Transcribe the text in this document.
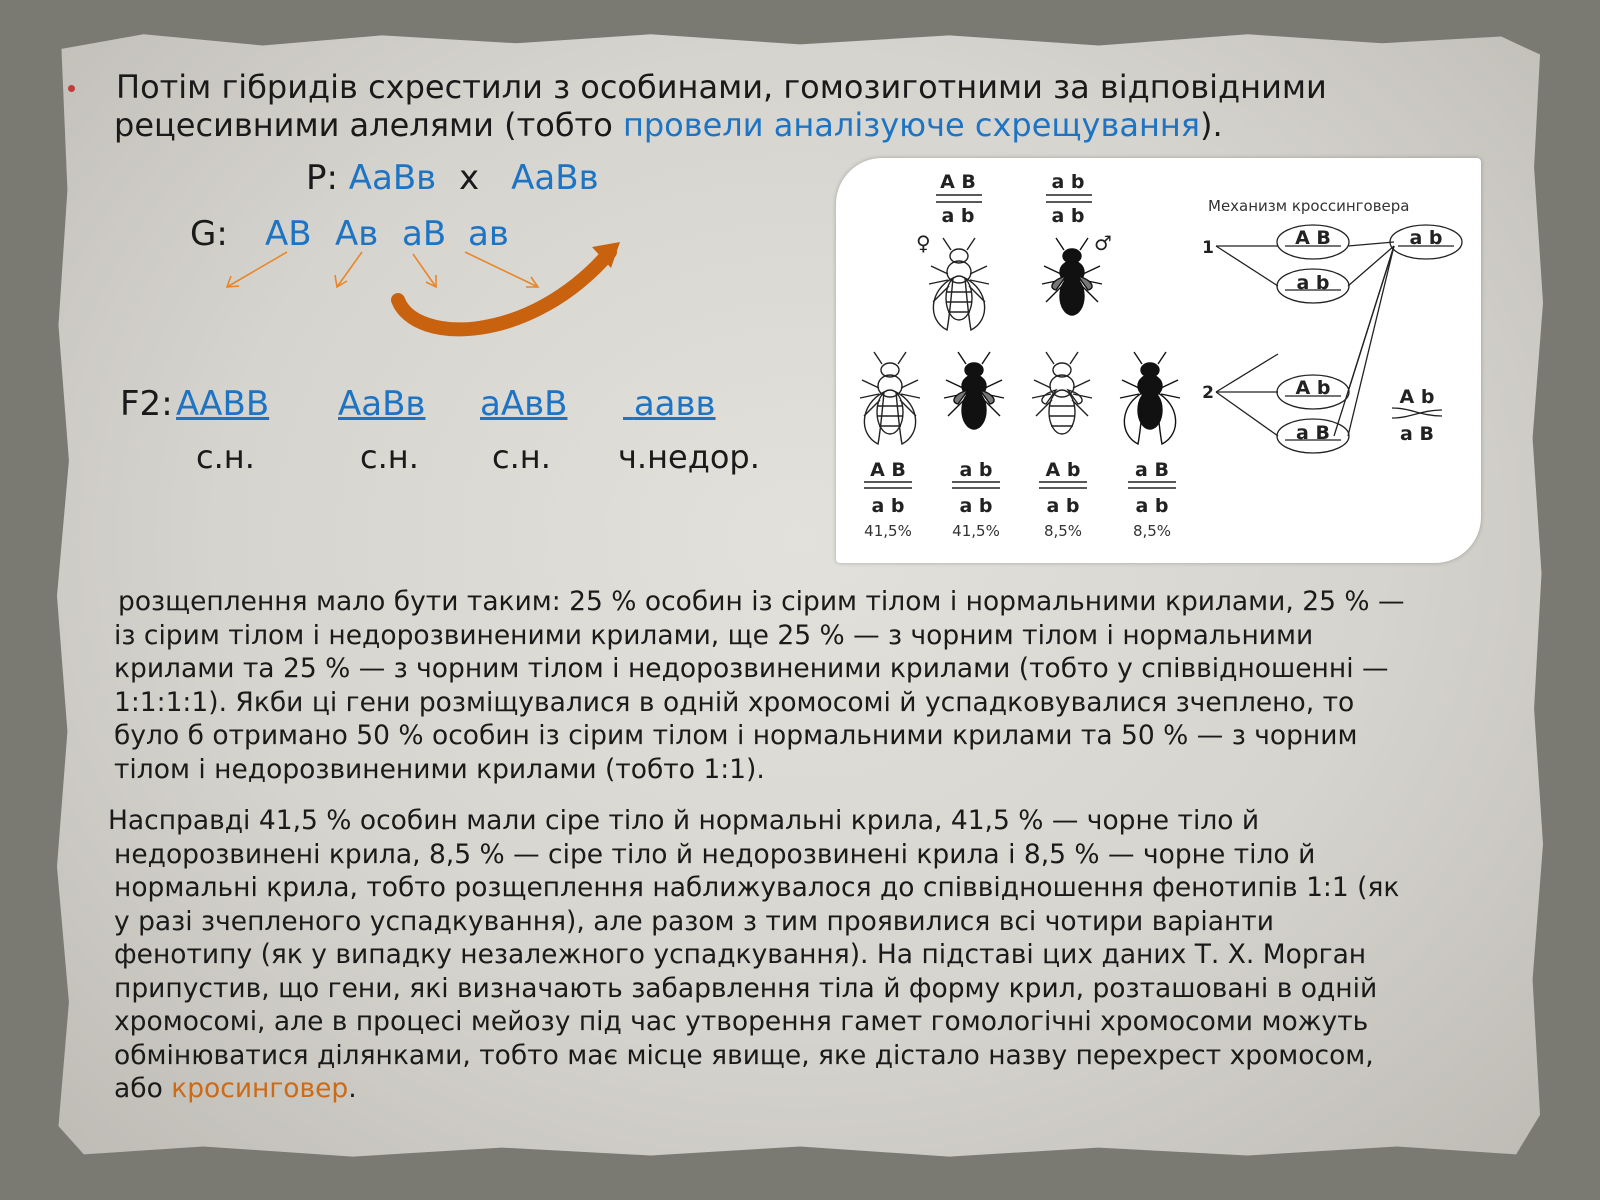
Потім гібридів схрестили з особинами, гомозиготними за відповідними
рецесивними алелями (тобто провели аналізуюче схрещування).
Р: АаВв х АаВв
G: АВ Ав аВ ав
F2: ААВВ АаВв аАвВ	аавв
с.н.	с.н. с.н. ч.недор.
A B
a b
a b
a b
♀	♂
A B
a b
a b
a b
A b
a b
a B
a b
41,5%	41,5%	8,5%	8,5%
Механизм кроссинговера
1
2
A B
a b
a b
A b
a B
A b
a B
розщеплення мало бути таким: 25 % особин із сірим тілом і нормальними крилами, 25 % —
із сірим тілом і недорозвиненими крилами, ще 25 % — з чорним тілом і нормальними
крилами та 25 % — з чорним тілом і недорозвиненими крилами (тобто у співвідношенні —
1:1:1:1). Якби ці гени розміщувалися в одній хромосомі й успадковувалися зчеплено, то
було б отримано 50 % особин із сірим тілом і нормальними крилами та 50 % — з чорним
тілом і недорозвиненими крилами (тобто 1:1).
Насправді 41,5 % особин мали сіре тіло й нормальні крила, 41,5 % — чорне тіло й
недорозвинені крила, 8,5 % — сіре тіло й недорозвинені крила і 8,5 % — чорне тіло й
нормальні крила, тобто розщеплення наближувалося до співвідношення фенотипів 1:1 (як
у разі зчепленого успадкування), але разом з тим проявилися всі чотири варіанти
фенотипу (як у випадку незалежного успадкування). На підставі цих даних Т. Х. Морган
припустив, що гени, які визначають забарвлення тіла й форму крил, розташовані в одній
хромосомі, але в процесі мейозу під час утворення гамет гомологічні хромосоми можуть
обмінюватися ділянками, тобто має місце явище, яке дістало назву перехрест хромосом,
або кросинговер.
